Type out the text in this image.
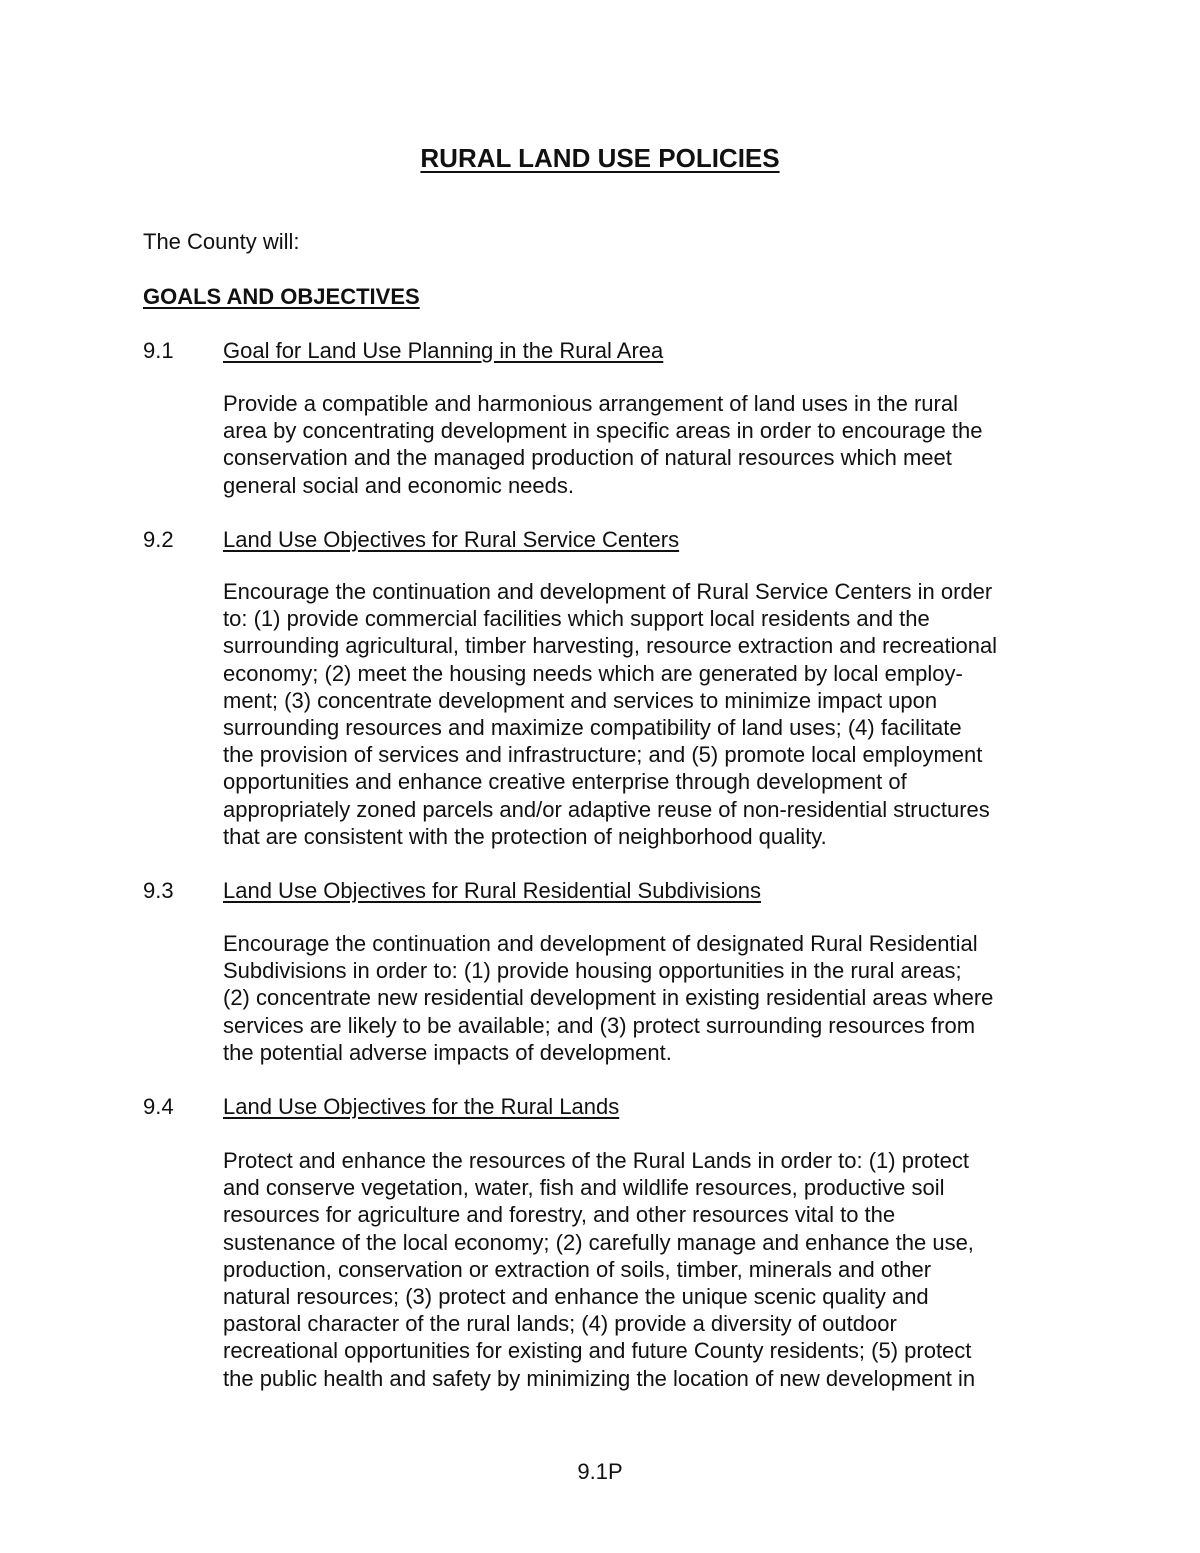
RURAL LAND USE POLICIES

The County will:

GOALS AND OBJECTIVES
9.1 Goal for Land Use Planning in the Rural Area
Provide a compatible and harmonious arrangement of land uses in the rural
area by concentrating development in specific areas in order to encourage the
conservation and the managed production of natural resources which meet
general social and economic needs.
9.2 Land Use Objectives for Rural Service Centers
Encourage the continuation and development of Rural Service Centers in order
to: (1) provide commercial facilities which support local residents and the
surrounding agricultural, timber harvesting, resource extraction and recreational
economy; (2) meet the housing needs which are generated by local employ-
ment; (3) concentrate development and services to minimize impact upon
surrounding resources and maximize compatibility of land uses; (4) facilitate
the provision of services and infrastructure; and (5) promote local employment
opportunities and enhance creative enterprise through development of
appropriately zoned parcels and/or adaptive reuse of non-residential structures
that are consistent with the protection of neighborhood quality.
9.3 Land Use Objectives for Rural Residential Subdivisions
Encourage the continuation and development of designated Rural Residential
Subdivisions in order to: (1) provide housing opportunities in the rural areas;
(2) concentrate new residential development in existing residential areas where
services are likely to be available; and (3) protect surrounding resources from
the potential adverse impacts of development.
9.4 Land Use Objectives for the Rural Lands
Protect and enhance the resources of the Rural Lands in order to: (1) protect
and conserve vegetation, water, fish and wildlife resources, productive soil
resources for agriculture and forestry, and other resources vital to the
sustenance of the local economy; (2) carefully manage and enhance the use,
production, conservation or extraction of soils, timber, minerals and other
natural resources; (3) protect and enhance the unique scenic quality and
pastoral character of the rural lands; (4) provide a diversity of outdoor
recreational opportunities for existing and future County residents; (5) protect
the public health and safety by minimizing the location of new development in

9.1P
